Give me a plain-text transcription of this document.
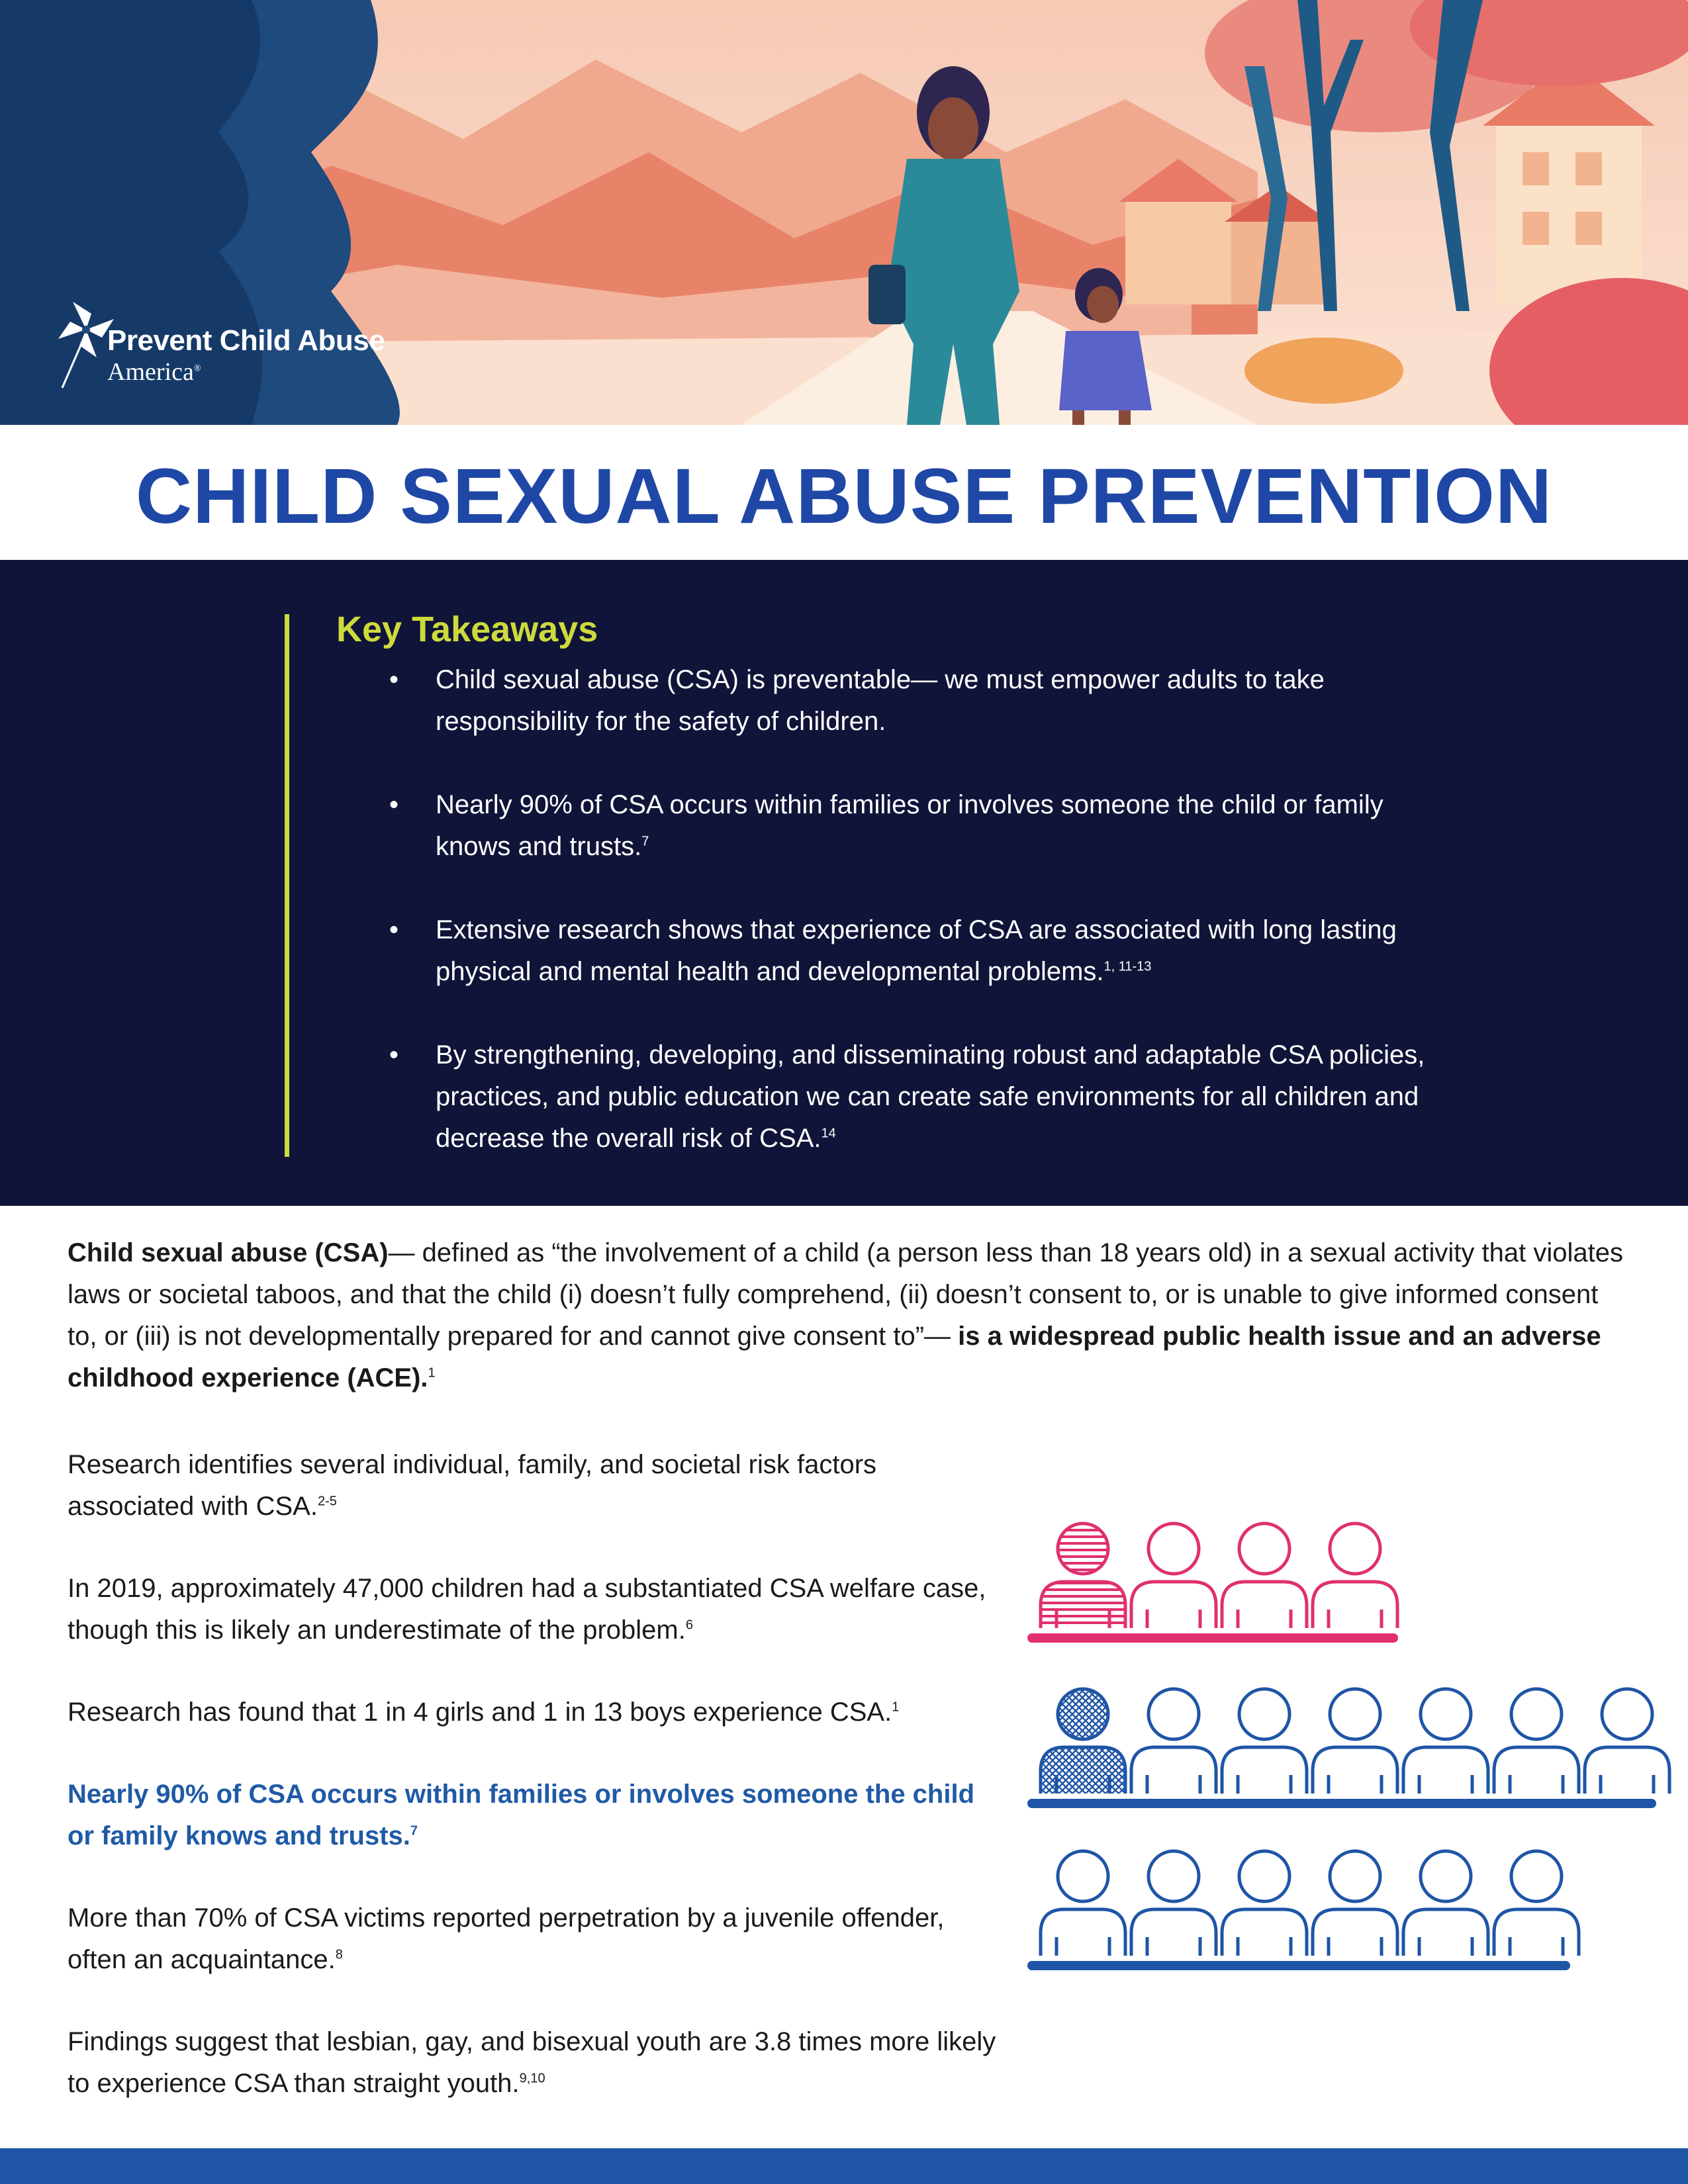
Prevent Child Abuse
America®
CHILD SEXUAL ABUSE PREVENTION
Key Takeaways
• Child sexual abuse (CSA) is preventable— we must empower adults to take responsibility for the safety of children.
• Nearly 90% of CSA occurs within families or involves someone the child or family knows and trusts.$^7$
• Extensive research shows that experience of CSA are associated with long lasting physical and mental health and developmental problems.$^{1, 11-13}$
• By strengthening, developing, and disseminating robust and adaptable CSA policies, practices, and public education we can create safe environments for all children and decrease the overall risk of CSA.$^{14}$

Child sexual abuse (CSA)— defined as “the involvement of a child (a person less than 18 years old) in a sexual activity that violates laws or societal taboos, and that the child (i) doesn’t fully comprehend, (ii) doesn’t consent to, or is unable to give informed consent to, or (iii) is not developmentally prepared for and cannot give consent to”— is a widespread public health issue and an adverse childhood experience (ACE).$^1$

Research identifies several individual, family, and societal risk factors associated with CSA.$^{2-5}$

In 2019, approximately 47,000 children had a substantiated CSA welfare case, though this is likely an underestimate of the problem.$^6$

Research has found that 1 in 4 girls and 1 in 13 boys experience CSA.$^1$

Nearly 90% of CSA occurs within families or involves someone the child or family knows and trusts.$^7$

More than 70% of CSA victims reported perpetration by a juvenile offender, often an acquaintance.$^8$

Findings suggest that lesbian, gay, and bisexual youth are 3.8 times more likely to experience CSA than straight youth.$^{9,10}$
